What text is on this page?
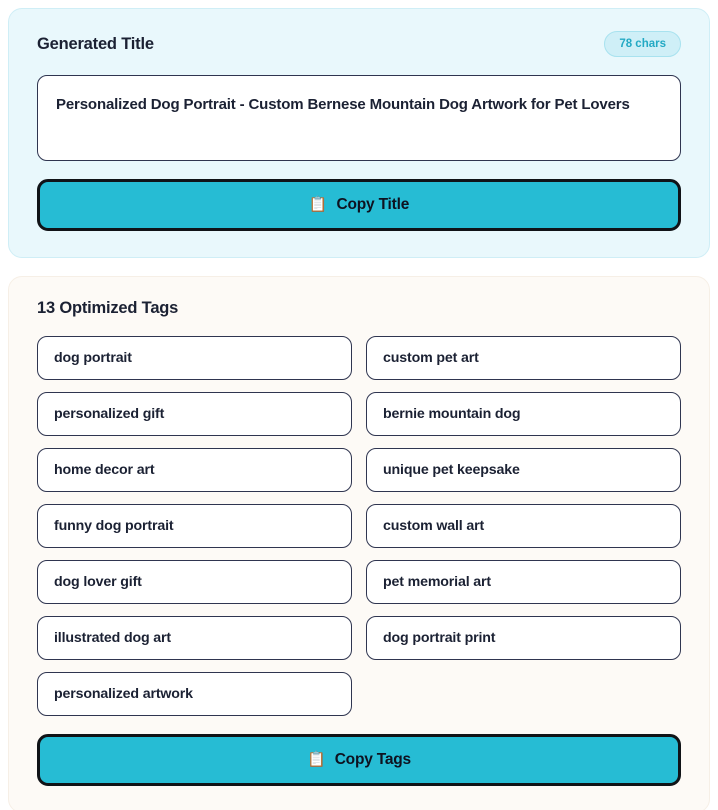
Generated Title	78 chars
Personalized Dog Portrait - Custom Bernese Mountain Dog Artwork for Pet Lovers
📋 Copy Title
13 Optimized Tags
dog portrait
personalized gift
home decor art
funny dog portrait
dog lover gift
illustrated dog art
personalized artwork
custom pet art
bernie mountain dog
unique pet keepsake
custom wall art
pet memorial art
dog portrait print
📋 Copy Tags
